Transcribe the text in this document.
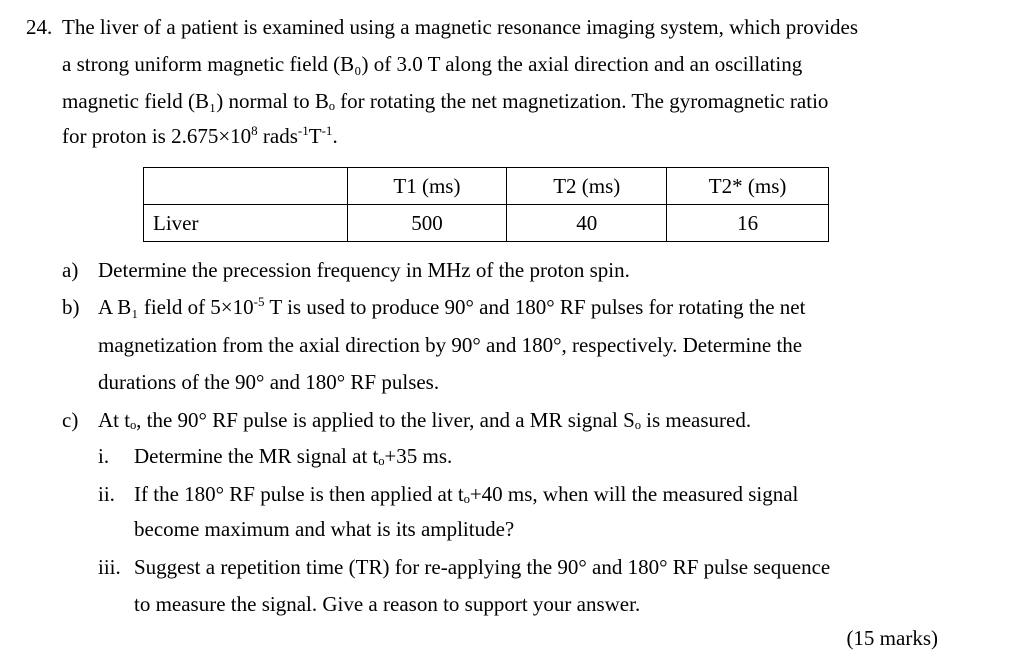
24. The liver of a patient is examined using a magnetic resonance imaging system, which provides
a strong uniform magnetic field (B₀) of 3.0 T along the axial direction and an oscillating
magnetic field (B₁) normal to Bₒ for rotating the net magnetization. The gyromagnetic ratio
for proton is $2.675\times 10^8$ $rads^{-1}T^{-1}$.
	T1 (ms)	T2 (ms)	T2* (ms)
Liver	500	40	16
a) Determine the precession frequency in MHz of the proton spin.
b) A B₁ field of $5\times 10^{-5}$ T is used to produce 90° and 180° RF pulses for rotating the net
magnetization from the axial direction by 90° and 180°, respectively. Determine the
durations of the 90° and 180° RF pulses.
c) At tₒ, the 90° RF pulse is applied to the liver, and a MR signal Sₒ is measured.
i. Determine the MR signal at tₒ+35 ms.
ii. If the 180° RF pulse is then applied at tₒ+40 ms, when will the measured signal
become maximum and what is its amplitude?
iii. Suggest a repetition time (TR) for re-applying the 90° and 180° RF pulse sequence
to measure the signal. Give a reason to support your answer.
(15 marks)
